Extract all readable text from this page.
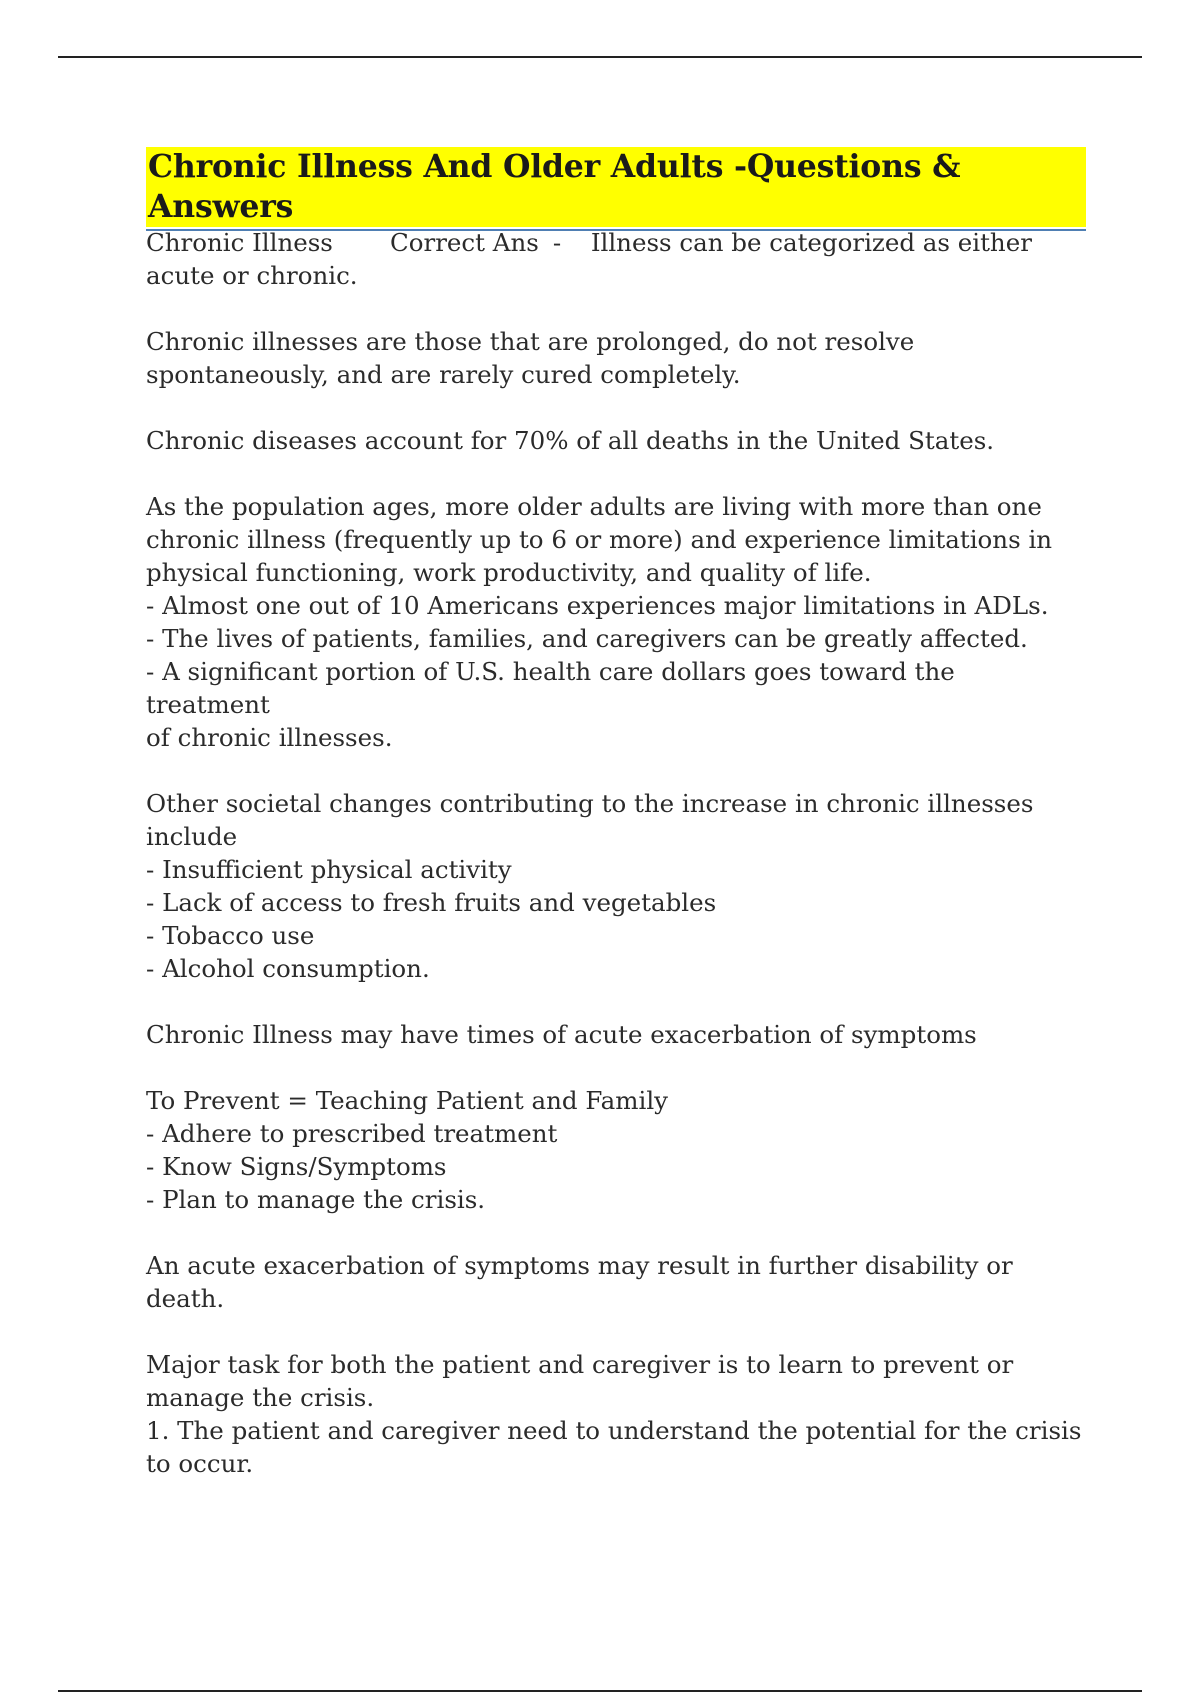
Chronic Illness And Older Adults -Questions & Answers
Chronic Illness Correct Ans - Illness can be categorized as either
acute or chronic.
Chronic illnesses are those that are prolonged, do not resolve
spontaneously, and are rarely cured completely.
Chronic diseases account for 70% of all deaths in the United States.
As the population ages, more older adults are living with more than one
chronic illness (frequently up to 6 or more) and experience limitations in
physical functioning, work productivity, and quality of life.
- Almost one out of 10 Americans experiences major limitations in ADLs.
- The lives of patients, families, and caregivers can be greatly affected.
- A significant portion of U.S. health care dollars goes toward the treatment
of chronic illnesses.
Other societal changes contributing to the increase in chronic illnesses
include
- Insufficient physical activity
- Lack of access to fresh fruits and vegetables
- Tobacco use
- Alcohol consumption.
Chronic Illness may have times of acute exacerbation of symptoms
To Prevent = Teaching Patient and Family
- Adhere to prescribed treatment
- Know Signs/Symptoms
- Plan to manage the crisis.
An acute exacerbation of symptoms may result in further disability or
death.
Major task for both the patient and caregiver is to learn to prevent or
manage the crisis.
1. The patient and caregiver need to understand the potential for the crisis
to occur.
